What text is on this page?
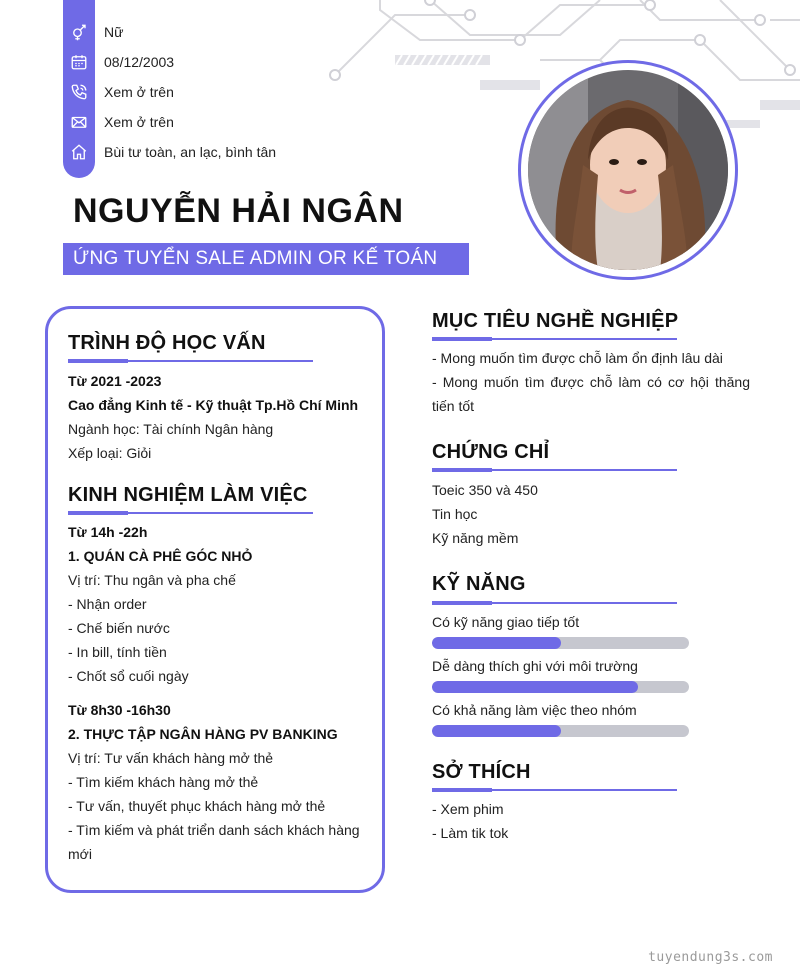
Nữ
08/12/2003
Xem ở trên
Xem ở trên
Bùi tư toàn, an lạc, bình tân
NGUYỄN HẢI NGÂN
ỨNG TUYỂN SALE ADMIN OR KẾ TOÁN
TRÌNH ĐỘ HỌC VẤN
Từ 2021 -2023
Cao đẳng Kinh tế - Kỹ thuật Tp.Hồ Chí Minh
Ngành học: Tài chính Ngân hàng
Xếp loại: Giỏi
KINH NGHIỆM LÀM VIỆC
Từ 14h -22h
1. QUÁN CÀ PHÊ GÓC NHỎ
Vị trí: Thu ngân và pha chế
- Nhận order
- Chế biến nước
- In bill, tính tiền
- Chốt sổ cuối ngày
Từ 8h30 -16h30
2. THỰC TẬP NGÂN HÀNG PV BANKING
Vị trí: Tư vấn khách hàng mở thẻ
- Tìm kiếm khách hàng mở thẻ
- Tư vấn, thuyết phục khách hàng mở thẻ
- Tìm kiếm và phát triển danh sách khách hàng
mới
MỤC TIÊU NGHỀ NGHIỆP
- Mong muốn tìm được chỗ làm ổn định lâu dài
- Mong muốn tìm được chỗ làm có cơ hội thăng
tiến tốt
CHỨNG CHỈ
Toeic 350 và 450
Tin học
Kỹ năng mềm
KỸ NĂNG
Có kỹ năng giao tiếp tốt
Dễ dàng thích ghi với môi trường
Có khả năng làm việc theo nhóm
SỞ THÍCH
- Xem phim
- Làm tik tok
tuyendung3s.com
